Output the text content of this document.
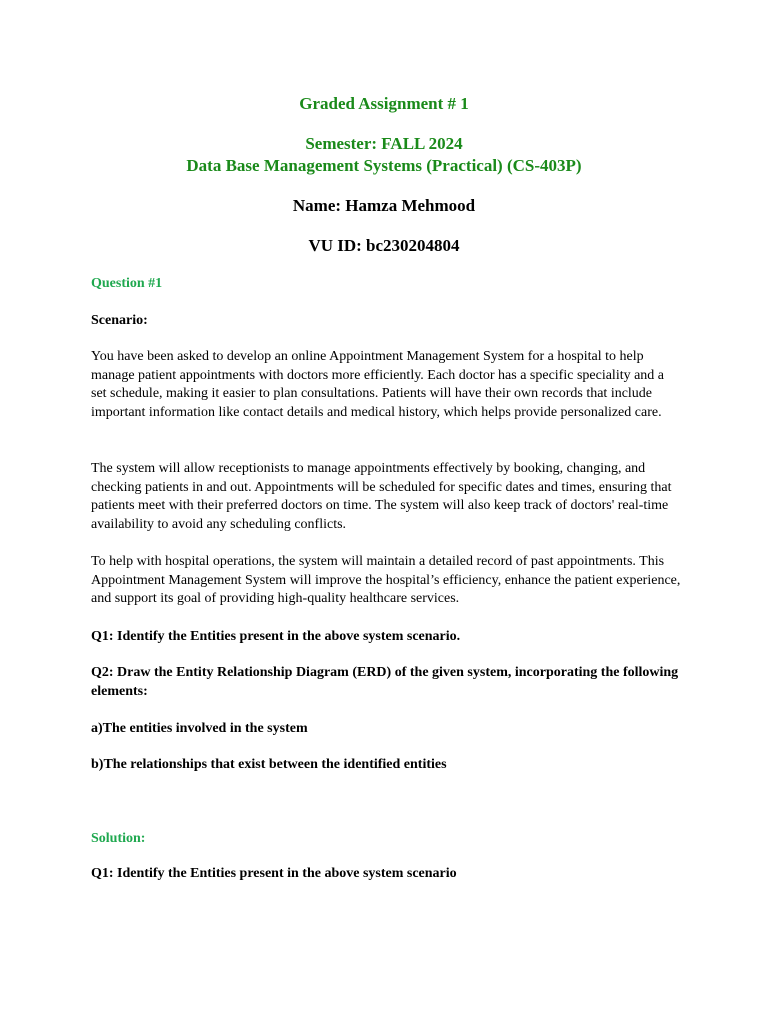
Graded Assignment # 1
Semester: FALL 2024
Data Base Management Systems (Practical) (CS-403P)
Name: Hamza Mehmood
VU ID: bc230204804
Question #1
Scenario:
You have been asked to develop an online Appointment Management System for a hospital to help manage patient appointments with doctors more efficiently. Each doctor has a specific speciality and a set schedule, making it easier to plan consultations. Patients will have their own records that include important information like contact details and medical history, which helps provide personalized care.
The system will allow receptionists to manage appointments effectively by booking, changing, and checking patients in and out. Appointments will be scheduled for specific dates and times, ensuring that patients meet with their preferred doctors on time. The system will also keep track of doctors' real-time availability to avoid any scheduling conflicts.
To help with hospital operations, the system will maintain a detailed record of past appointments. This Appointment Management System will improve the hospital’s efficiency, enhance the patient experience, and support its goal of providing high-quality healthcare services.
Q1: Identify the Entities present in the above system scenario.
Q2: Draw the Entity Relationship Diagram (ERD) of the given system, incorporating the following elements:
a)The entities involved in the system
b)The relationships that exist between the identified entities
Solution:
Q1: Identify the Entities present in the above system scenario
